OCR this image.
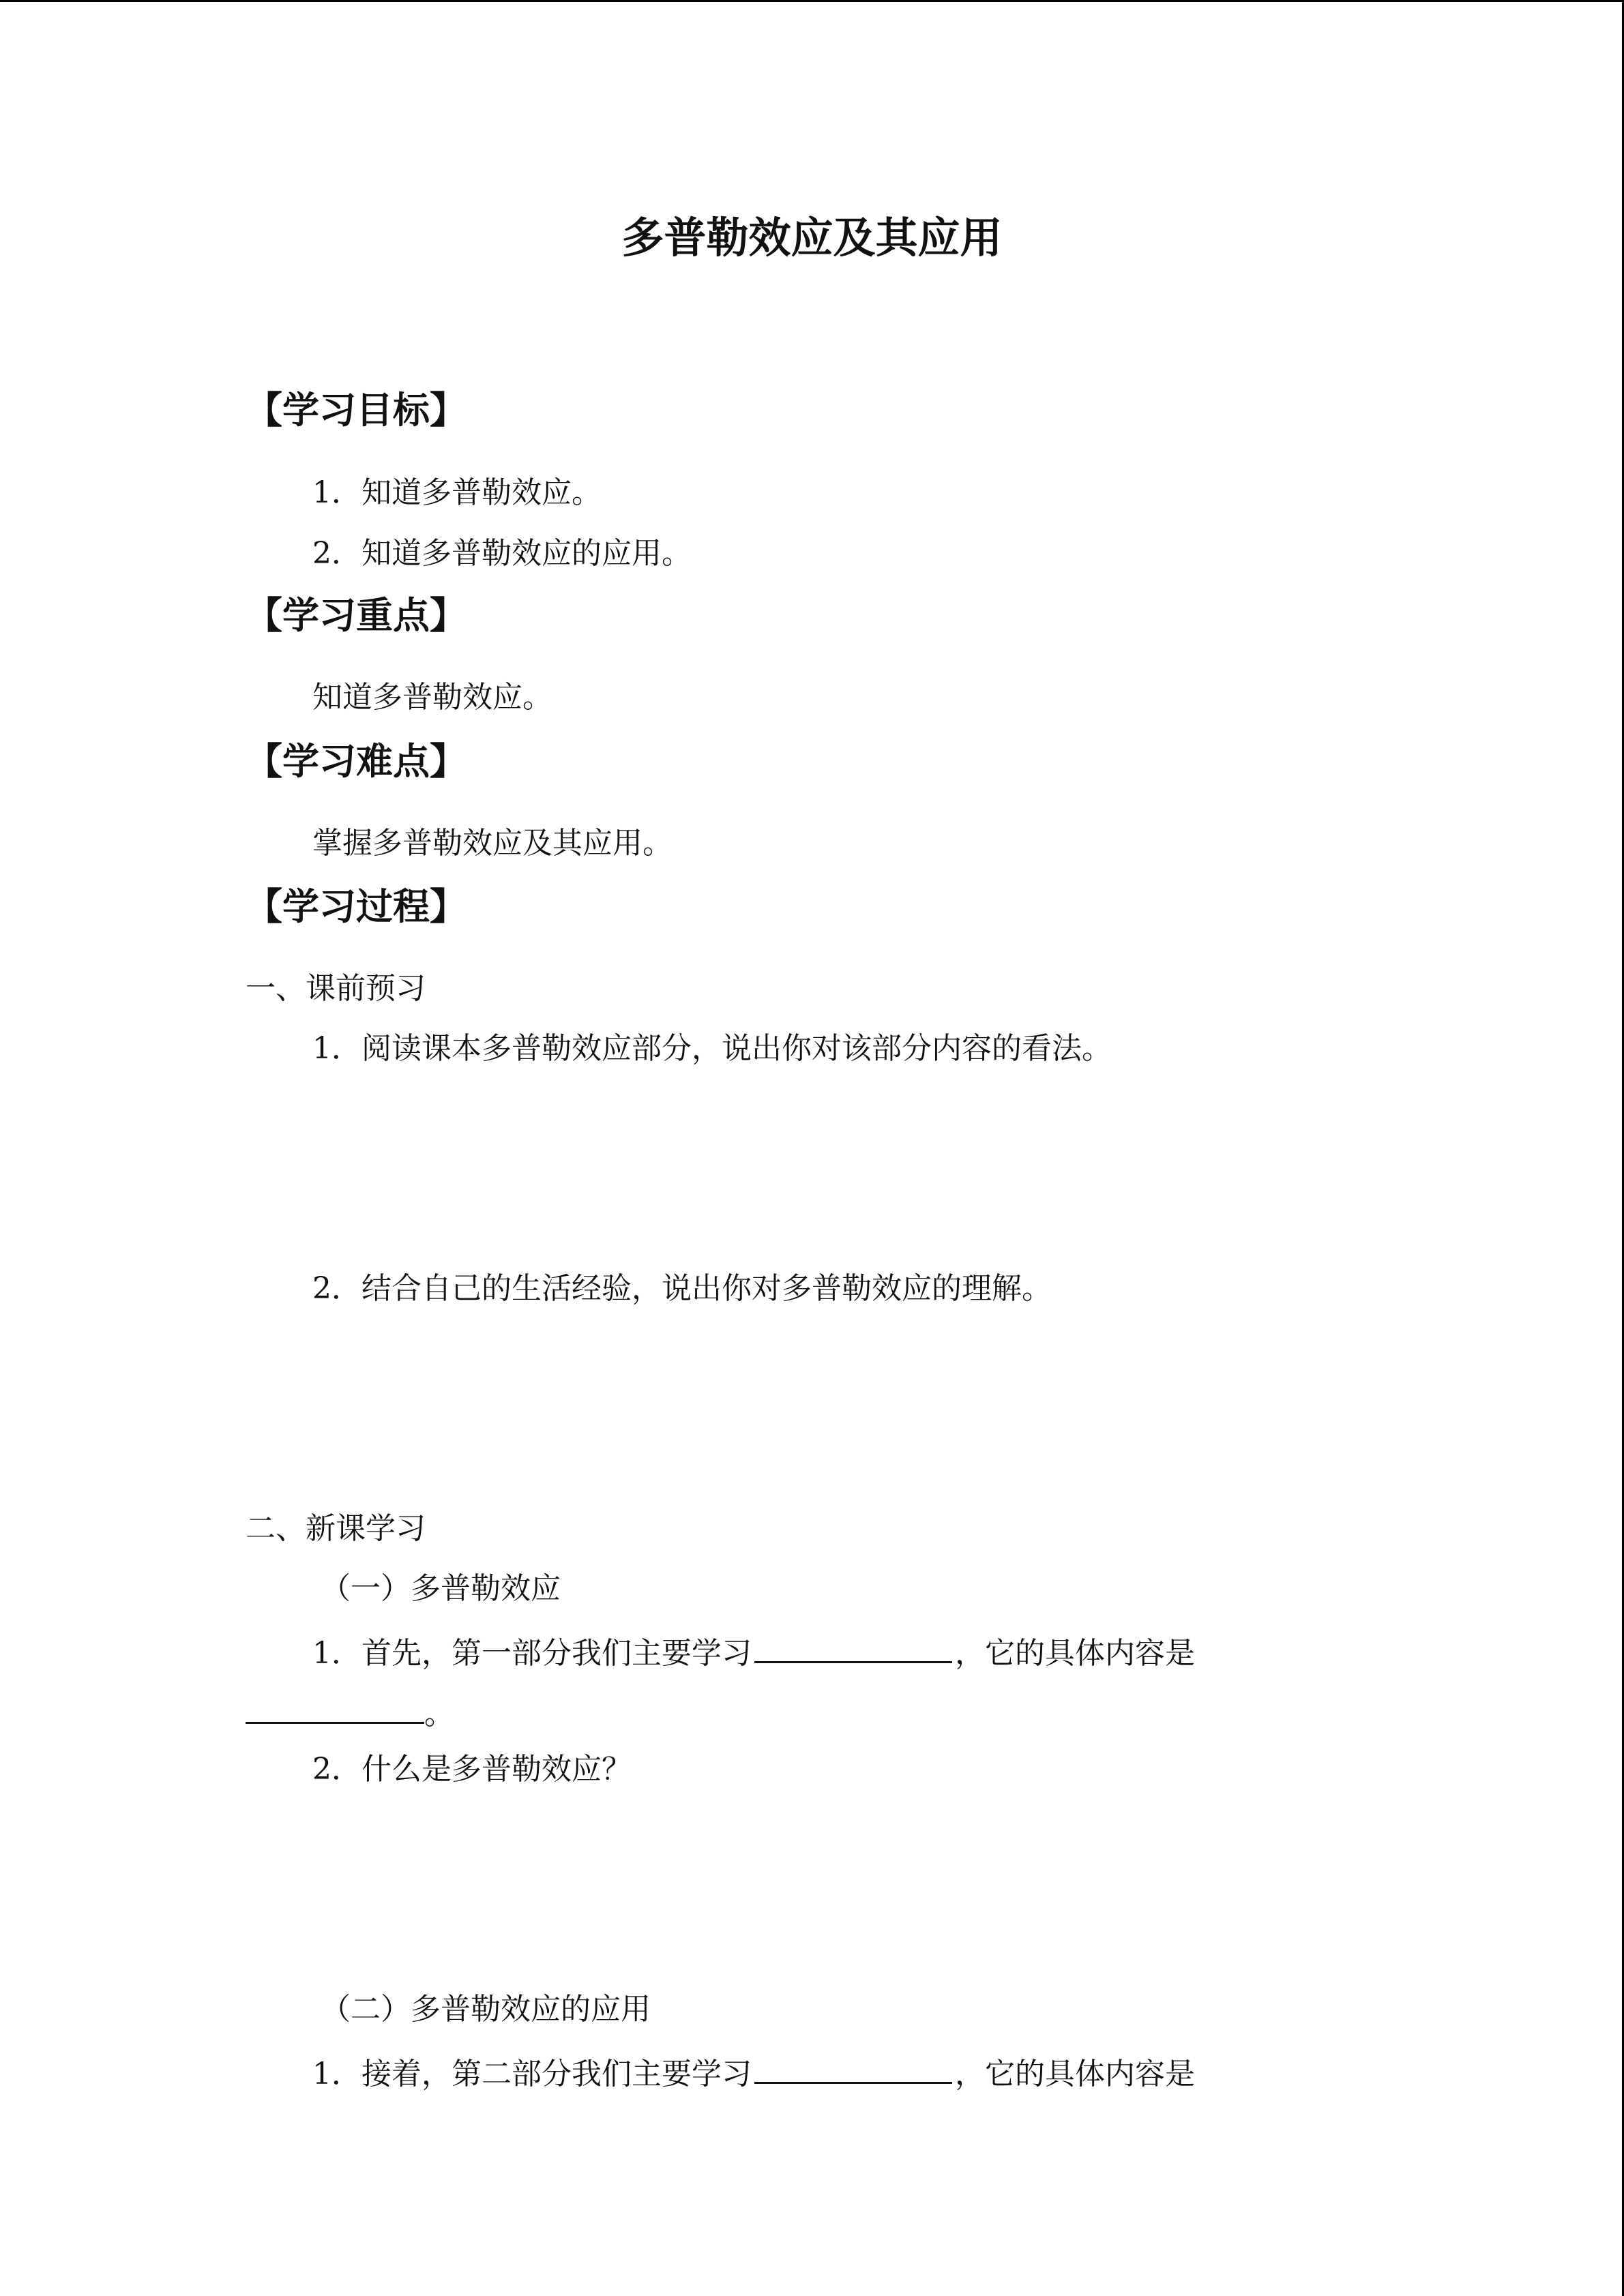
多普勒效应及其应用
【学习目标】
1．知道多普勒效应。
2．知道多普勒效应的应用。
【学习重点】
知道多普勒效应。
【学习难点】
掌握多普勒效应及其应用。
【学习过程】
一、课前预习
1．阅读课本多普勒效应部分，说出你对该部分内容的看法。
2．结合自己的生活经验，说出你对多普勒效应的理解。
二、新课学习
（一）多普勒效应
1．首先，第一部分我们主要学习	，它的具体内容是
。
2．什么是多普勒效应？
（二）多普勒效应的应用
1．接着，第二部分我们主要学习	，它的具体内容是
